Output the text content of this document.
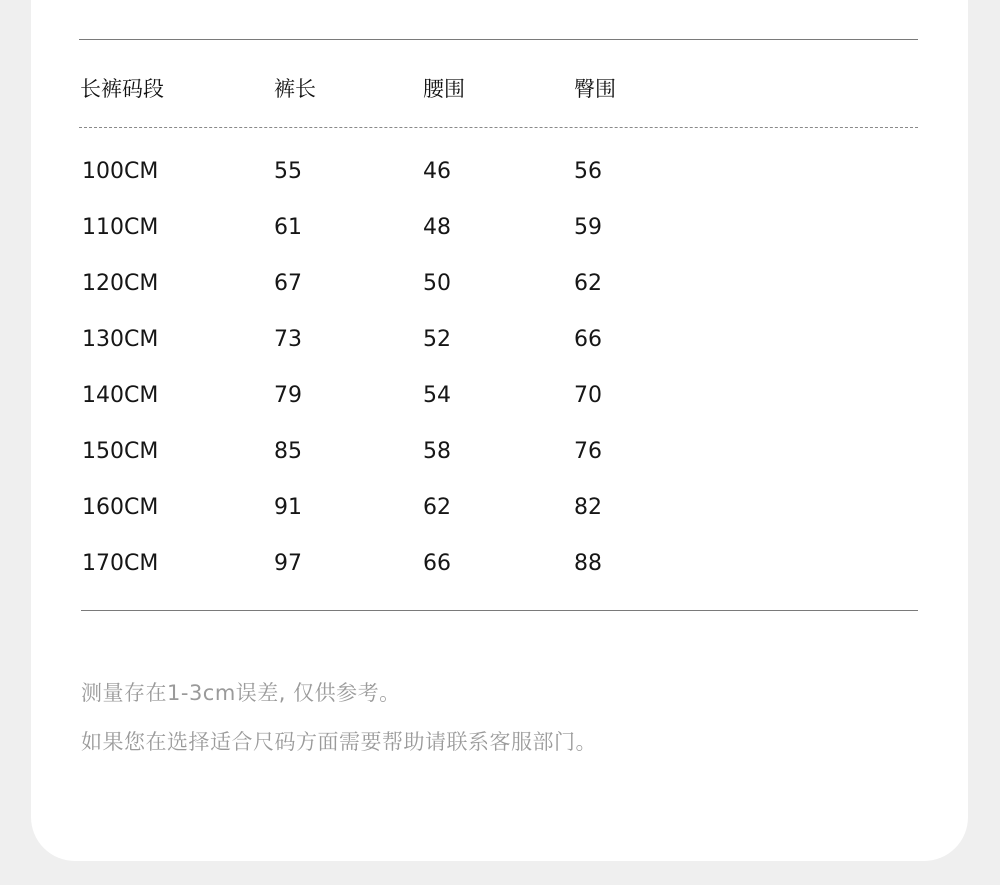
长裤码段	裤长	腰围	臀围
100CM	55	46	56
110CM	61	48	59
120CM	67	50	62
130CM	73	52	66
140CM	79	54	70
150CM	85	58	76
160CM	91	62	82
170CM	97	66	88
测量存在1-3cm误差, 仅供参考。
如果您在选择适合尺码方面需要帮助请联系客服部门。
